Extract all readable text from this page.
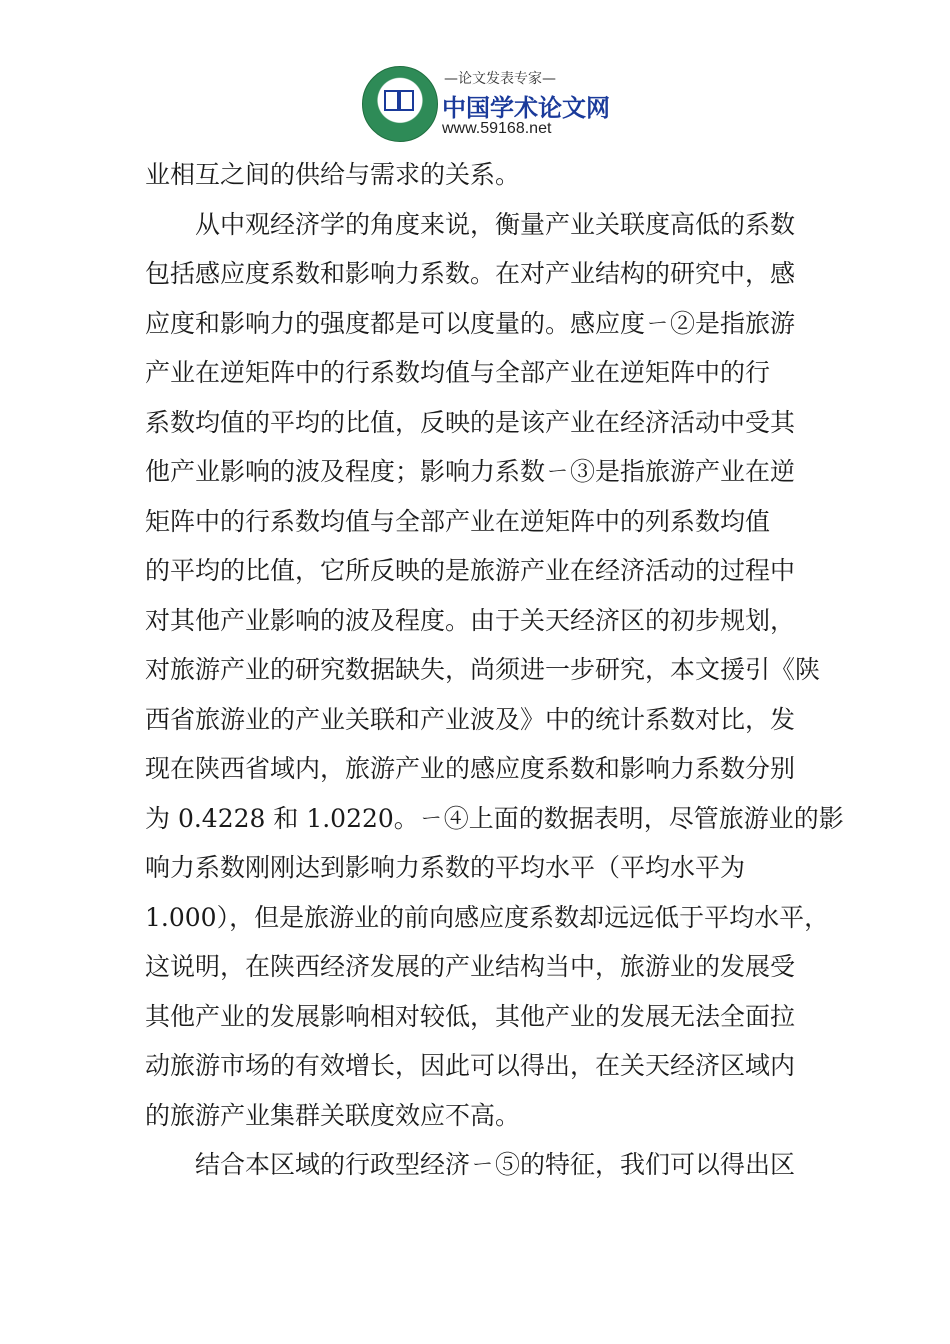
—论文发表专家—
中国学术论文网
www.59168.net
业相互之间的供给与需求的关系。
从中观经济学的角度来说，衡量产业关联度高低的系数
包括感应度系数和影响力系数。在对产业结构的研究中，感
应度和影响力的强度都是可以度量的。感应度ㄧ②是指旅游
产业在逆矩阵中的行系数均值与全部产业在逆矩阵中的行
系数均值的平均的比值，反映的是该产业在经济活动中受其
他产业影响的波及程度；影响力系数ㄧ③是指旅游产业在逆
矩阵中的行系数均值与全部产业在逆矩阵中的列系数均值
的平均的比值，它所反映的是旅游产业在经济活动的过程中
对其他产业影响的波及程度。由于关天经济区的初步规划，
对旅游产业的研究数据缺失，尚须进一步研究，本文援引《陕
西省旅游业的产业关联和产业波及》中的统计系数对比，发
现在陕西省域内，旅游产业的感应度系数和影响力系数分别
为 0.4228 和 1.0220。ㄧ④上面的数据表明，尽管旅游业的影
响力系数刚刚达到影响力系数的平均水平（平均水平为
1.000），但是旅游业的前向感应度系数却远远低于平均水平，
这说明，在陕西经济发展的产业结构当中，旅游业的发展受
其他产业的发展影响相对较低，其他产业的发展无法全面拉
动旅游市场的有效增长，因此可以得出，在关天经济区域内
的旅游产业集群关联度效应不高。
结合本区域的行政型经济ㄧ⑤的特征，我们可以得出区
